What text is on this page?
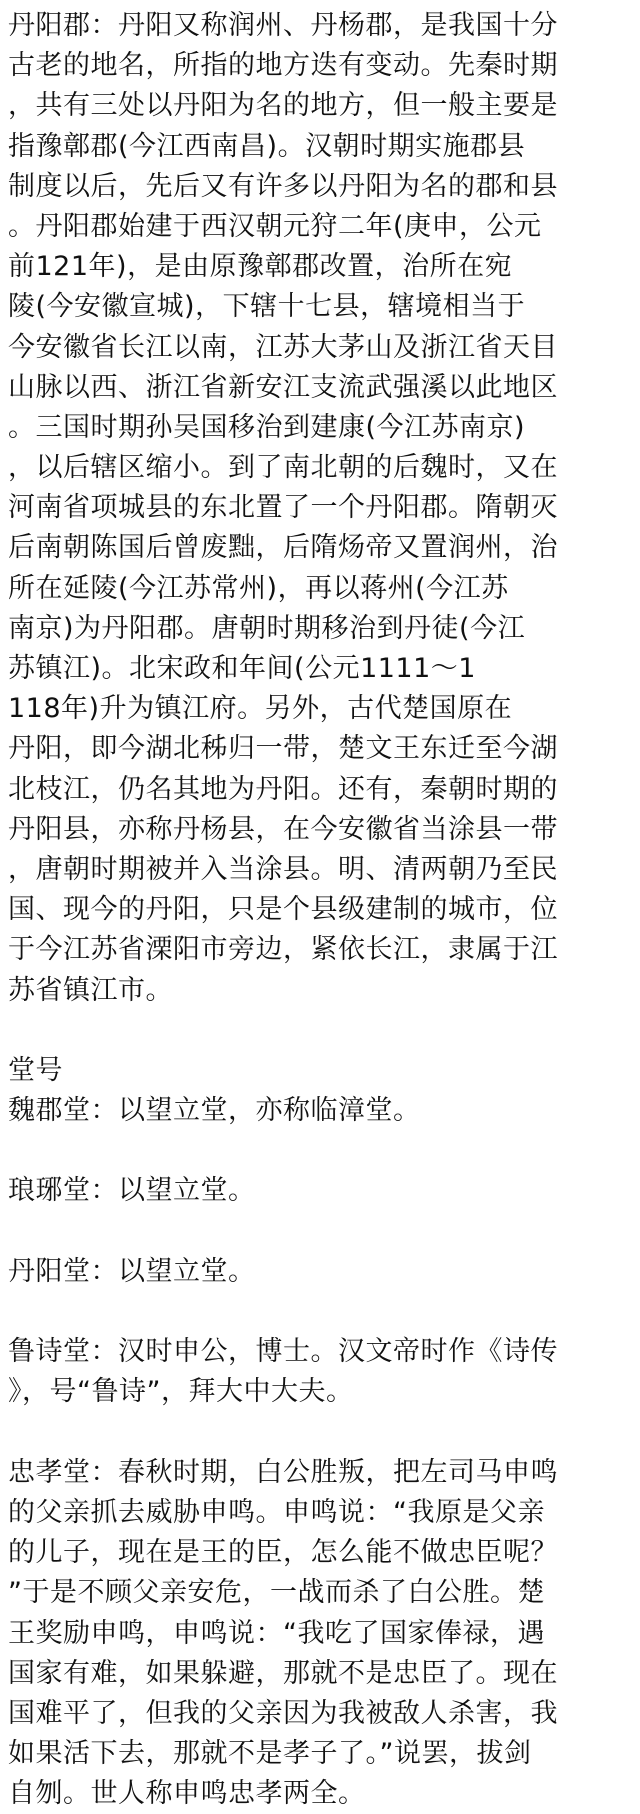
丹阳郡：丹阳又称润州、丹杨郡，是我国十分
古老的地名，所指的地方迭有变动。先秦时期
，共有三处以丹阳为名的地方，但一般主要是
指豫鄣郡(今江西南昌)。汉朝时期实施郡县
制度以后，先后又有许多以丹阳为名的郡和县
。丹阳郡始建于西汉朝元狩二年(庚申，公元
前121年)，是由原豫鄣郡改置，治所在宛
陵(今安徽宣城)，下辖十七县，辖境相当于
今安徽省长江以南，江苏大茅山及浙江省天目
山脉以西、浙江省新安江支流武强溪以此地区
。三国时期孙吴国移治到建康(今江苏南京)
，以后辖区缩小。到了南北朝的后魏时，又在
河南省项城县的东北置了一个丹阳郡。隋朝灭
后南朝陈国后曾废黜，后隋炀帝又置润州，治
所在延陵(今江苏常州)，再以蒋州(今江苏
南京)为丹阳郡。唐朝时期移治到丹徒(今江
苏镇江)。北宋政和年间(公元1111～1
118年)升为镇江府。另外，古代楚国原在
丹阳，即今湖北秭归一带，楚文王东迁至今湖
北枝江，仍名其地为丹阳。还有，秦朝时期的
丹阳县，亦称丹杨县，在今安徽省当涂县一带
，唐朝时期被并入当涂县。明、清两朝乃至民
国、现今的丹阳，只是个县级建制的城市，位
于今江苏省溧阳市旁边，紧依长江，隶属于江
苏省镇江市。
堂号
魏郡堂：以望立堂，亦称临漳堂。
琅琊堂：以望立堂。
丹阳堂：以望立堂。
鲁诗堂：汉时申公，博士。汉文帝时作《诗传
》，号“鲁诗”，拜大中大夫。
忠孝堂：春秋时期，白公胜叛，把左司马申鸣
的父亲抓去威胁申鸣。申鸣说：“我原是父亲
的儿子，现在是王的臣，怎么能不做忠臣呢？
”于是不顾父亲安危，一战而杀了白公胜。楚
王奖励申鸣，申鸣说：“我吃了国家俸禄，遇
国家有难，如果躲避，那就不是忠臣了。现在
国难平了，但我的父亲因为我被敌人杀害，我
如果活下去，那就不是孝子了。”说罢，拔剑
自刎。世人称申鸣忠孝两全。
